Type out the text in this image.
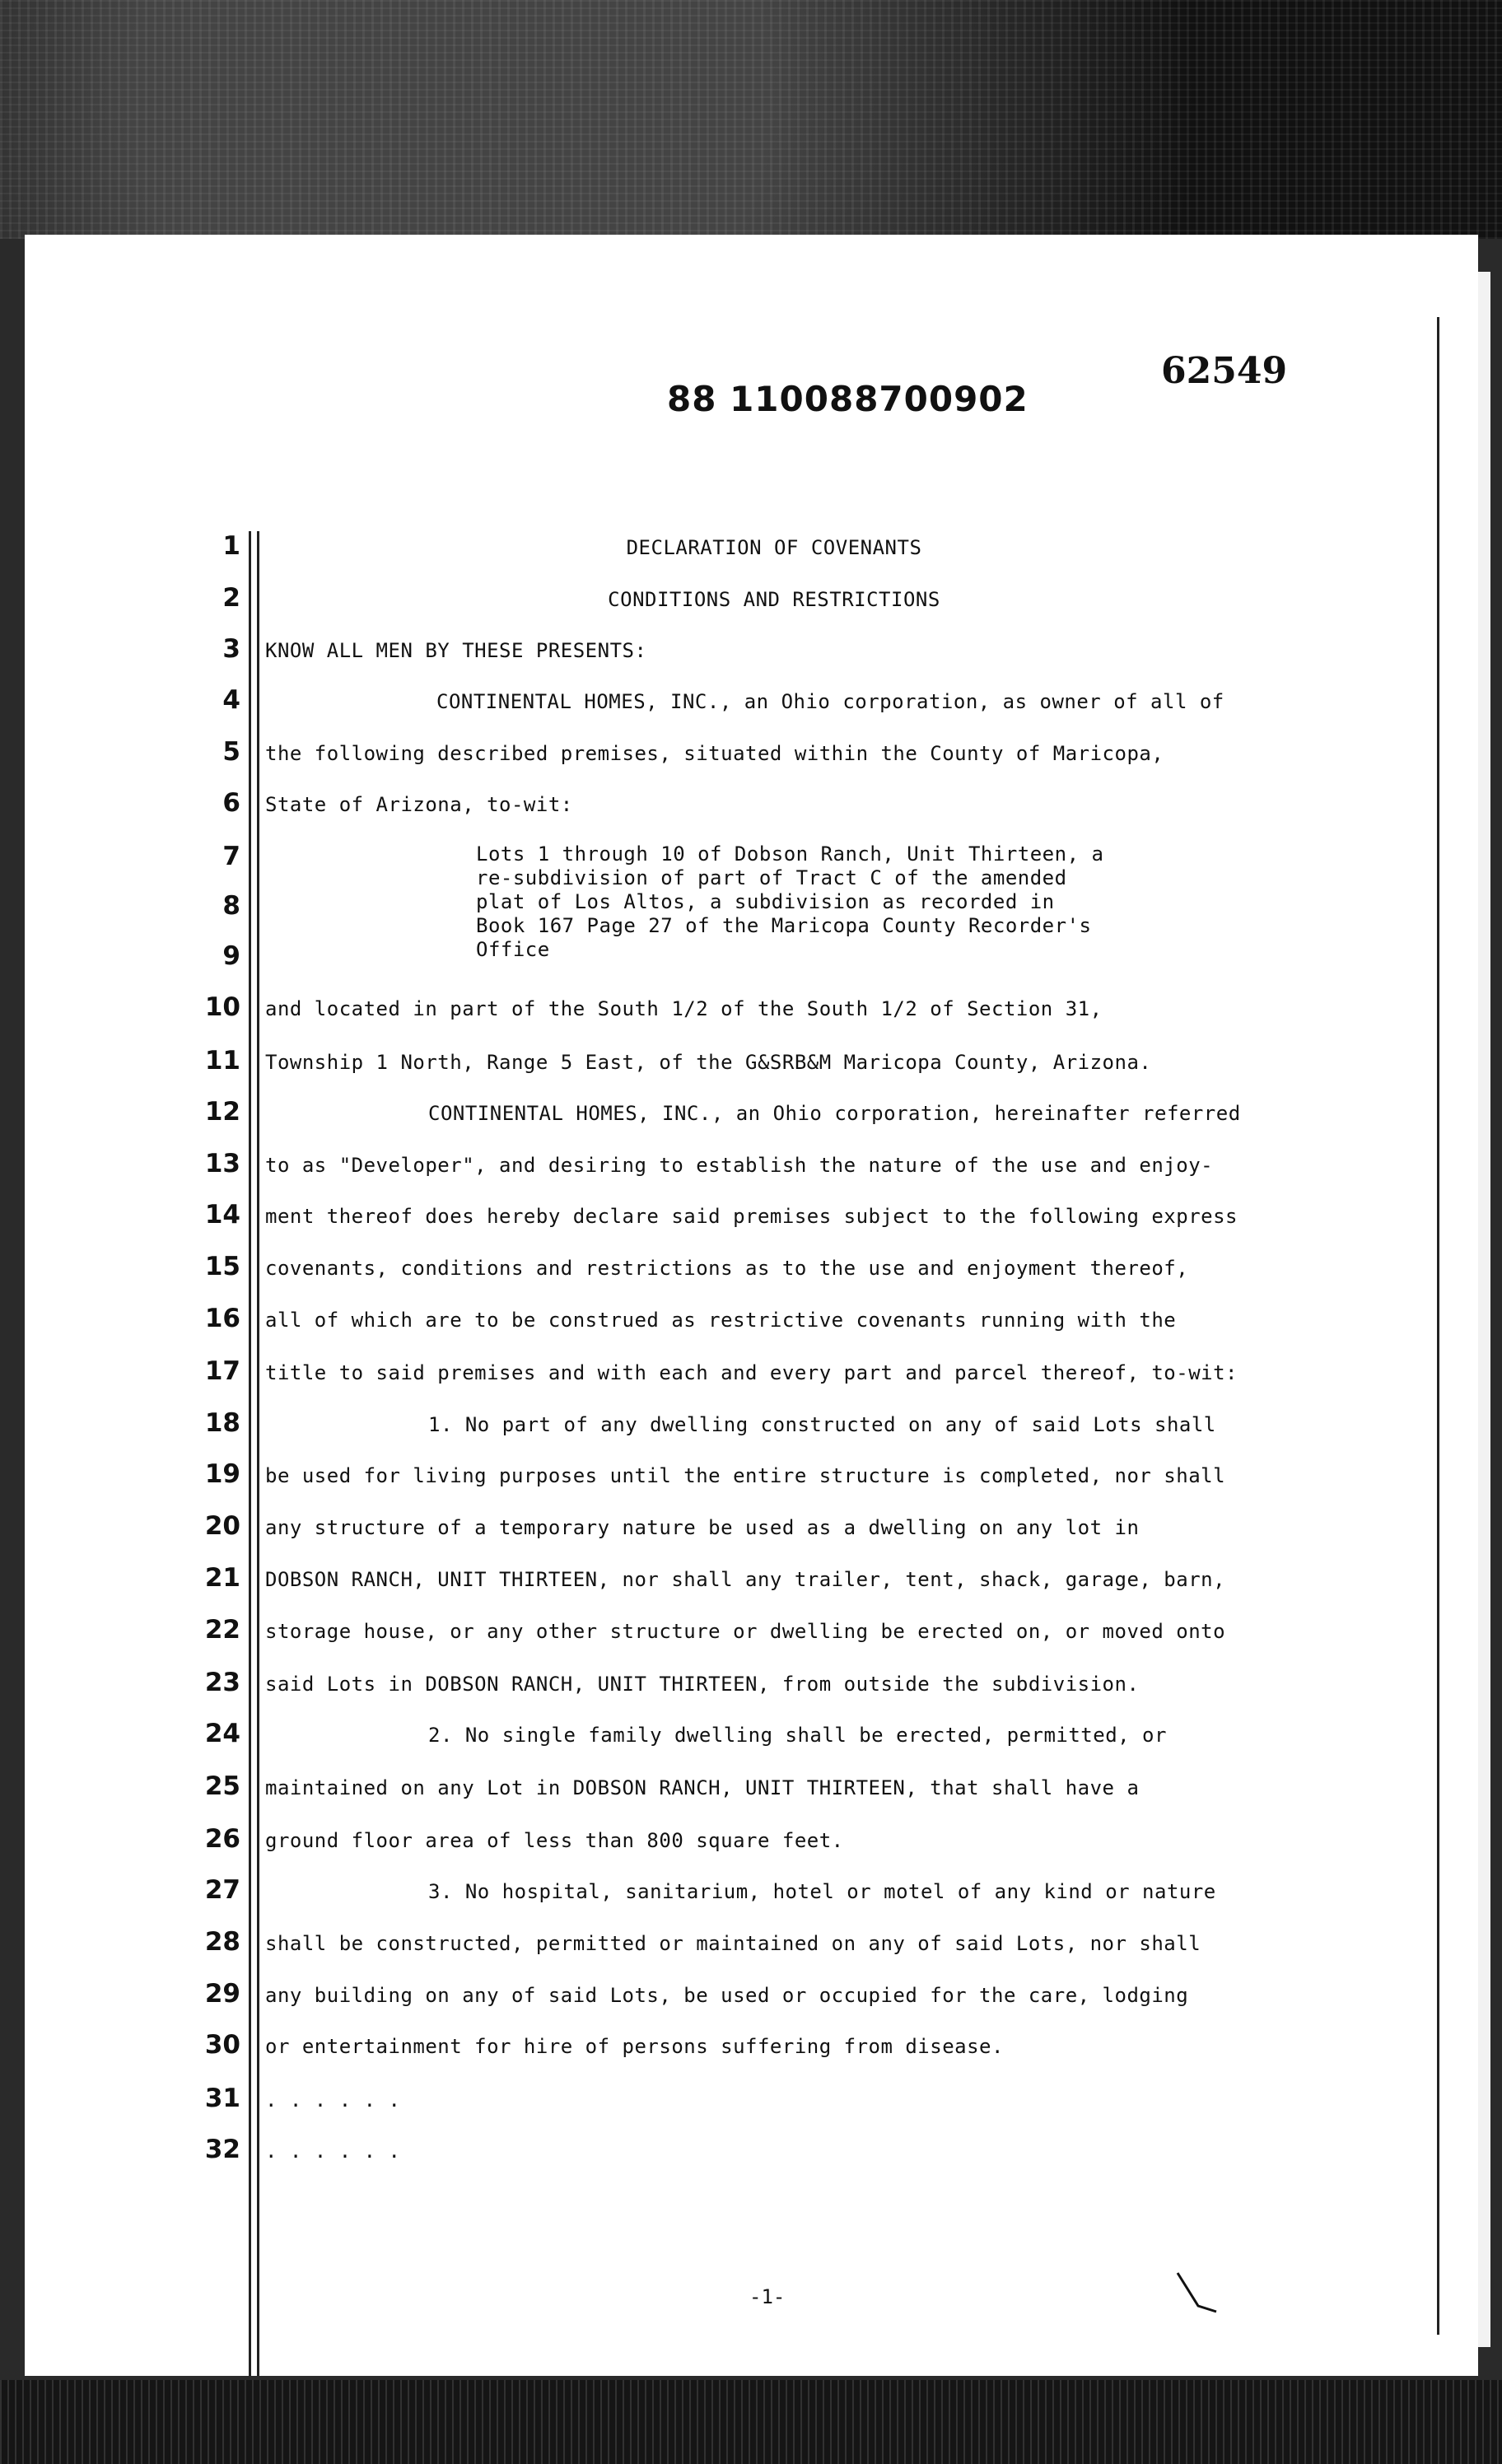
88 110088700902
62549
1
2
3
4
5
6
7
8
9
10
11
12
13
14
15
16
17
18
19
20
21
22
23
24
25
26
27
28
29
30
31
32
DECLARATION OF COVENANTS
CONDITIONS AND RESTRICTIONS
KNOW ALL MEN BY THESE PRESENTS:
CONTINENTAL HOMES, INC., an Ohio corporation, as owner of all of
the following described premises, situated within the County of Maricopa,
State of Arizona, to-wit:
Lots 1 through 10 of Dobson Ranch, Unit Thirteen, a
re-subdivision of part of Tract C of the amended
plat of Los Altos, a subdivision as recorded in
Book 167 Page 27 of the Maricopa County Recorder's
Office
and located in part of the South 1/2 of the South 1/2 of Section 31,
Township 1 North, Range 5 East, of the G&SRB&M Maricopa County, Arizona.
CONTINENTAL HOMES, INC., an Ohio corporation, hereinafter referred
to as "Developer", and desiring to establish the nature of the use and enjoy-
ment thereof does hereby declare said premises subject to the following express
covenants, conditions and restrictions as to the use and enjoyment thereof,
all of which are to be construed as restrictive covenants running with the
title to said premises and with each and every part and parcel thereof, to-wit:
1. No part of any dwelling constructed on any of said Lots shall
be used for living purposes until the entire structure is completed, nor shall
any structure of a temporary nature be used as a dwelling on any lot in
DOBSON RANCH, UNIT THIRTEEN, nor shall any trailer, tent, shack, garage, barn,
storage house, or any other structure or dwelling be erected on, or moved onto
said Lots in DOBSON RANCH, UNIT THIRTEEN, from outside the subdivision.
2. No single family dwelling shall be erected, permitted, or
maintained on any Lot in DOBSON RANCH, UNIT THIRTEEN, that shall have a
ground floor area of less than 800 square feet.
3. No hospital, sanitarium, hotel or motel of any kind or nature
shall be constructed, permitted or maintained on any of said Lots, nor shall
any building on any of said Lots, be used or occupied for the care, lodging
or entertainment for hire of persons suffering from disease.
. . . . . .
. . . . . .
-1-
